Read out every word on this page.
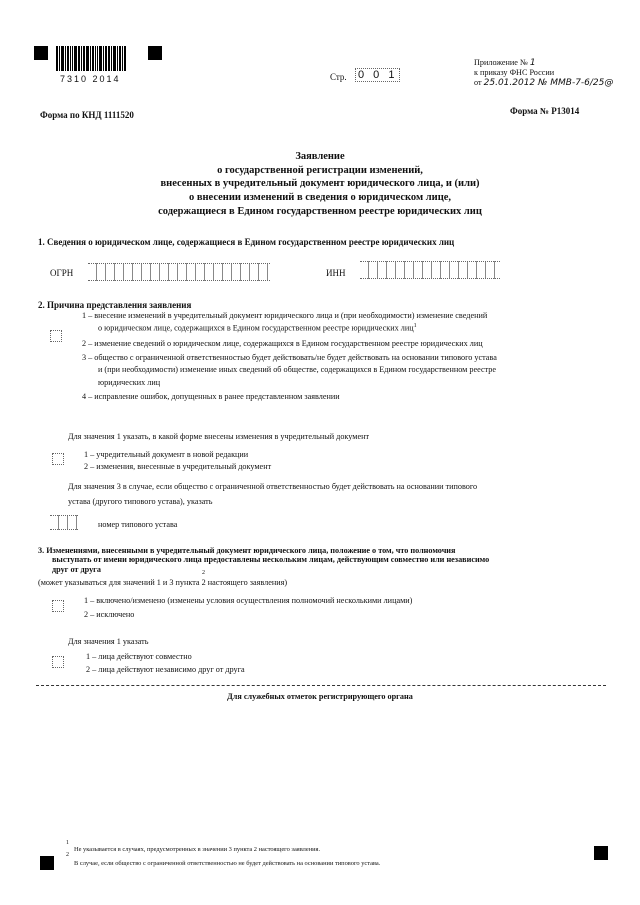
7310 2014	Стр. 0 0 1
Приложение № 1
к приказу ФНС России
от 25.01.2012 № ММВ-7-6/25@
Форма по КНД 1111520	Форма № Р13014
Заявление
о государственной регистрации изменений,
внесенных в учредительный документ юридического лица, и (или)
о внесении изменений в сведения о юридическом лице,
содержащиеся в Едином государственном реестре юридических лиц
1. Сведения о юридическом лице, содержащиеся в Едином государственном реестре юридических лиц
ОГРН	ИНН
2. Причина представления заявления
1 – внесение изменений в учредительный документ юридического лица и (при необходимости) изменение сведений
о юридическом лице, содержащихся в Едином государственном реестре юридических лиц$^1$
2 – изменение сведений о юридическом лице, содержащихся в Едином государственном реестре юридических лиц
3 – общество с ограниченной ответственностью будет действовать/не будет действовать на основании типового устава
и (при необходимости) изменение иных сведений об обществе, содержащихся в Едином государственном реестре
юридических лиц
4 – исправление ошибок, допущенных в ранее представленном заявлении
Для значения 1 указать, в какой форме внесены изменения в учредительный документ
1 – учредительный документ в новой редакции
2 – изменения, внесенные в учредительный документ
Для значения 3 в случае, если общество с ограниченной ответственностью будет действовать на основании типового
устава (другого типового устава), указать
номер типового устава
3. Изменениями, внесенными в учредительный документ юридического лица, положение о том, что полномочия
выступать от имени юридического лица предоставлены нескольким лицам, действующим совместно или независимо
друг от друга
(может указываться для значений 1 и 3 пункта 2 настоящего заявления)
2
1 – включено/изменено (изменены условия осуществления полномочий несколькими лицами)
2 – исключено
Для значения 1 указать
1 – лица действуют совместно
2 – лица действуют независимо друг от друга
Для служебных отметок регистрирующего органа
1
Не указывается в случаях, предусмотренных в значении 3 пункта 2 настоящего заявления.
2
В случае, если общество с ограниченной ответственностью не будет действовать на основании типового устава.
